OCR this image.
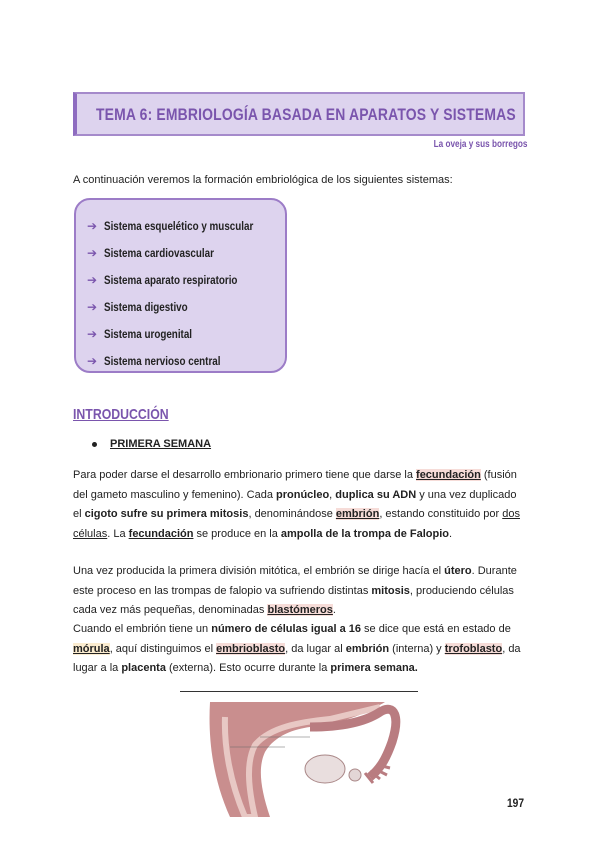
TEMA 6: EMBRIOLOGÍA BASADA EN APARATOS Y SISTEMAS
La oveja y sus borregos
A continuación veremos la formación embriológica de los siguientes sistemas:
➔ Sistema esquelético y muscular
➔ Sistema cardiovascular
➔ Sistema aparato respiratorio
➔ Sistema digestivo
➔ Sistema urogenital
➔ Sistema nervioso central
INTRODUCCIÓN
PRIMERA SEMANA
Para poder darse el desarrollo embrionario primero tiene que darse la fecundación (fusión del gameto masculino y femenino). Cada pronúcleo, duplica su ADN y una vez duplicado el cigoto sufre su primera mitosis, denominándose embrión, estando constituido por dos células. La fecundación se produce en la ampolla de la trompa de Falopio.
Una vez producida la primera división mitótica, el embrión se dirige hacía el útero. Durante este proceso en las trompas de falopio va sufriendo distintas mitosis, produciendo células cada vez más pequeñas, denominadas blastómeros.
Cuando el embrión tiene un número de células igual a 16 se dice que está en estado de mórula, aquí distinguimos el embrioblasto, da lugar al embrión (interna) y trofoblasto, da lugar a la placenta (externa). Esto ocurre durante la primera semana.
Ovario
197
